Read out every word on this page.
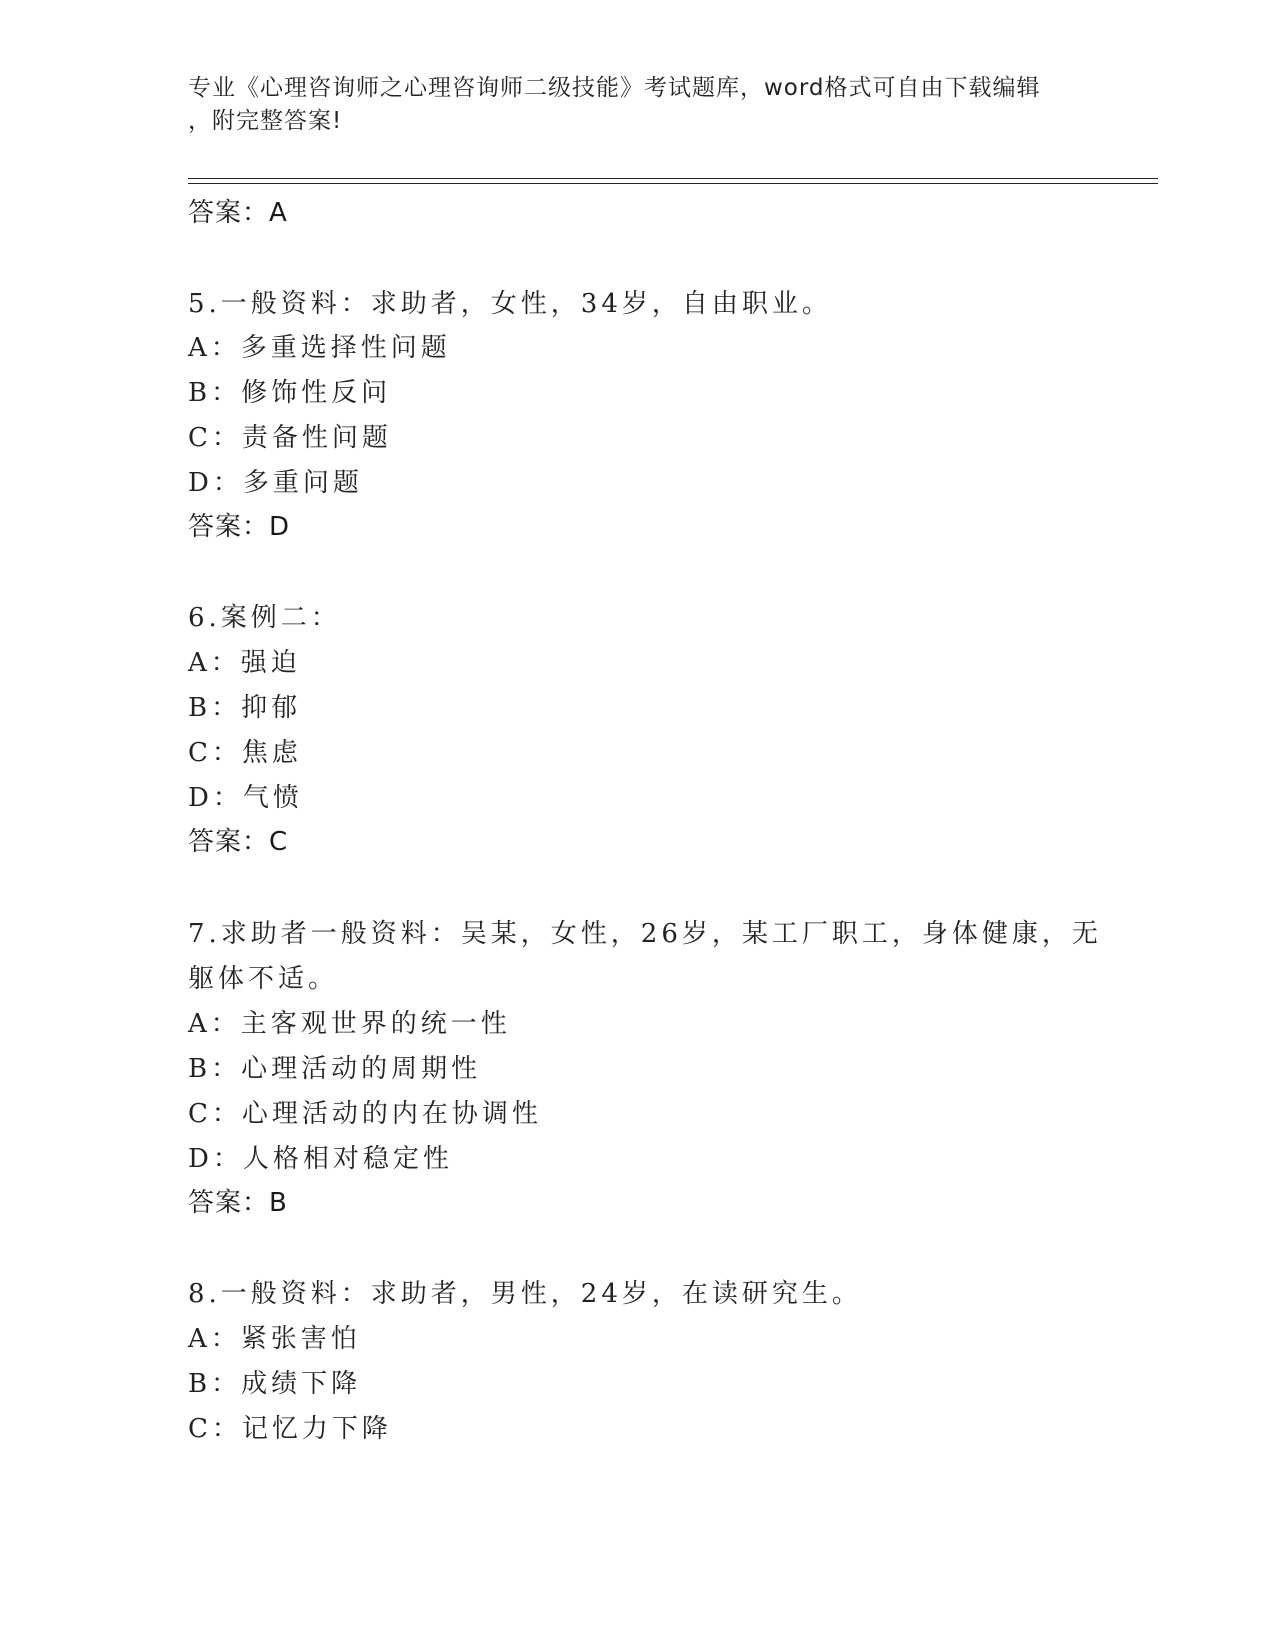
专业《心理咨询师之心理咨询师二级技能》考试题库，word格式可自由下载编辑
，附完整答案!
答案：A
5.一般资料：求助者，女性，34岁，自由职业。
A：多重选择性问题
B：修饰性反问
C：责备性问题
D：多重问题
答案：D
6.案例二：
A：强迫
B：抑郁
C：焦虑
D：气愤
答案：C
7.求助者一般资料：吴某，女性，26岁，某工厂职工，身体健康，无
躯体不适。
A：主客观世界的统一性
B：心理活动的周期性
C：心理活动的内在协调性
D：人格相对稳定性
答案：B
8.一般资料：求助者，男性，24岁，在读研究生。
A：紧张害怕
B：成绩下降
C：记忆力下降
